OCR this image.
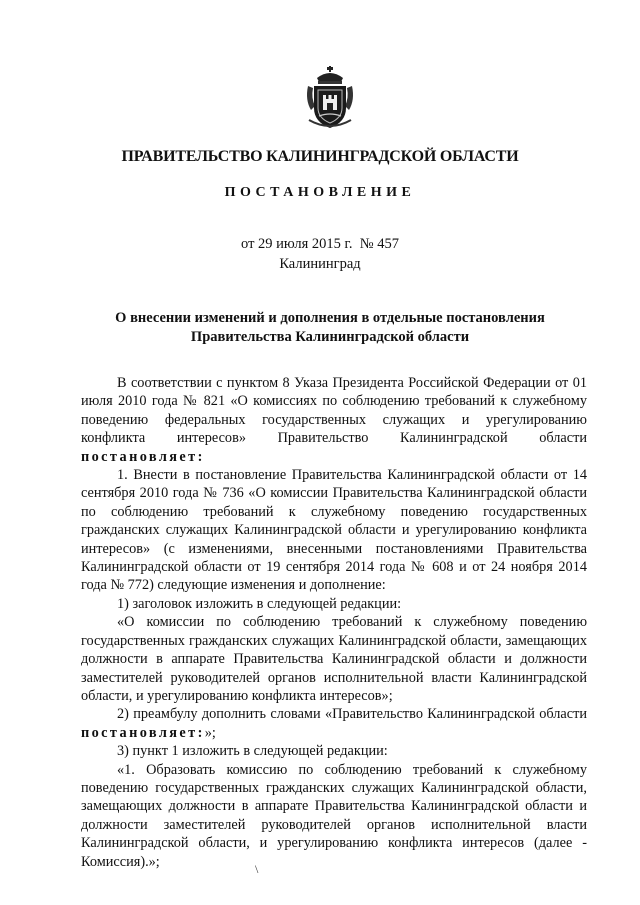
ПРАВИТЕЛЬСТВО КАЛИНИНГРАДСКОЙ ОБЛАСТИ
ПОСТАНОВЛЕНИЕ
от 29 июля 2015 г. № 457
Калининград
О внесении изменений и дополнения в отдельные постановления
Правительства Калининградской области

В соответствии с пунктом 8 Указа Президента Российской Федерации от 01 июля 2010 года № 821 «О комиссиях по соблюдению требований к служебному поведению федеральных государственных служащих и урегулированию конфликта интересов» Правительство Калининградской области постановляет:

1. Внести в постановление Правительства Калининградской области от 14 сентября 2010 года № 736 «О комиссии Правительства Калининградской области по соблюдению требований к служебному поведению государственных гражданских служащих Калининградской области и урегулированию конфликта интересов» (с изменениями, внесенными постановлениями Правительства Калининградской области от 19 сентября 2014 года № 608 и от 24 ноября 2014 года № 772) следующие изменения и дополнение:

1) заголовок изложить в следующей редакции:

«О комиссии по соблюдению требований к служебному поведению государственных гражданских служащих Калининградской области, замещающих должности в аппарате Правительства Калининградской области и должности заместителей руководителей органов исполнительной власти Калининградской области, и урегулированию конфликта интересов»;

2) преамбулу дополнить словами «Правительство Калининградской области постановляет:»;

3) пункт 1 изложить в следующей редакции:

«1. Образовать комиссию по соблюдению требований к служебному поведению государственных гражданских служащих Калининградской области, замещающих должности в аппарате Правительства Калининградской области и должности заместителей руководителей органов исполнительной власти Калининградской области, и урегулированию конфликта интересов (далее - Комиссия).»;	\
